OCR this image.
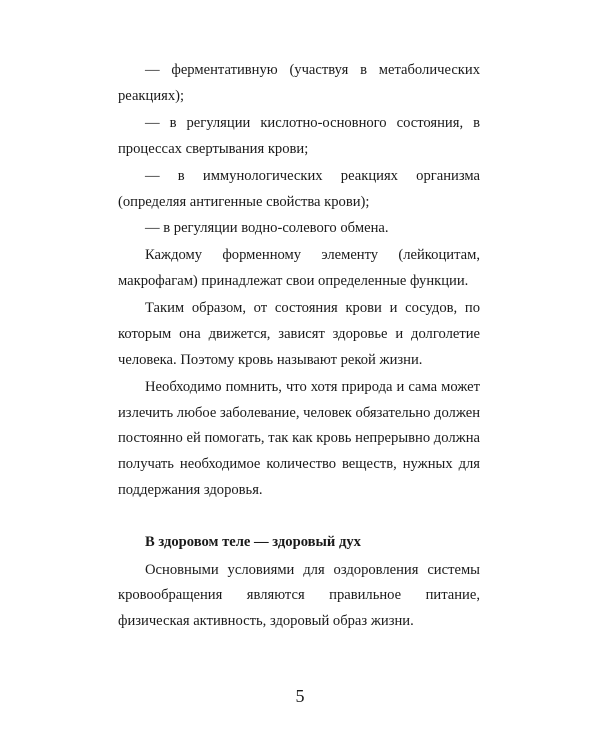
— ферментативную (участвуя в метаболических реакциях);

— в регуляции кислотно-основного состояния, в процессах свертывания крови;

— в иммунологических реакциях организма (определяя антигенные свойства крови);

— в регуляции водно-солевого обмена.

Каждому форменному элементу (лейкоцитам, макрофагам) принадлежат свои определенные функции.

Таким образом, от состояния крови и сосудов, по которым она движется, зависят здоровье и долголетие человека. Поэтому кровь называют рекой жизни.

Необходимо помнить, что хотя природа и сама может излечить любое заболевание, человек обязательно должен постоянно ей помогать, так как кровь непрерывно должна получать необходимое количество веществ, нужных для поддержания здоровья.

В здоровом теле — здоровый дух

Основными условиями для оздоровления системы кровообращения являются правильное питание, физическая активность, здоровый образ жизни.

5
